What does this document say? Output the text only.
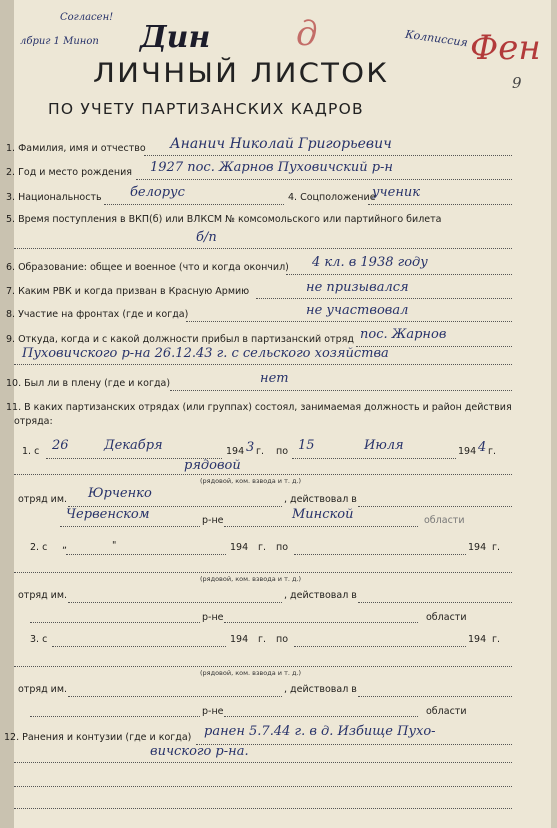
Согласен!
лбриг 1 Миноп Дин	д	Колписсия Фен
9
ЛИЧНЫЙ ЛИСТОК
ПО УЧЕТУ ПАРТИЗАНСКИХ КАДРОВ
1. Фамилия, имя и отчество Ананич Николай Григорьевич
2. Год и место рождения 1927 пос. Жарнов Пуховичский р-н
3. Национальность белорус	4. Соцположение
ученик
5. Время поступления в ВКП(б) или ВЛКСМ № комсомольского или партийного билета
б/п
6. Образование: общее и военное (что и когда окончил) 4 кл. в 1938 году
7. Каким РВК и когда призван в Красную Армию	не призывался
8. Участие на фронтах (где и когда)	не участвовал
9. Откуда, когда и с какой должности прибыл в партизанский отряд пос. Жарнов
Пуховичского р-на 26.12.43 г. с сельского хозяйства
10. Был ли в плену (где и когда)	нет
11. В каких партизанских отрядах (или группах) состоял, занимаемая должность и район действия
отряда:
1. с 26	Декабря	194 3 г. по 15	Июля	194 4 г.
рядовой
(рядовой, ком. взвода и т. д.)
отряд им. Юрченко	, действовал в
Червенском	р-не	Минской	области
2. с „	"	194 г. по	194 г.
(рядовой, ком. взвода и т. д.)
отряд им.	, действовал в
р-не	области
3. с	194 г. по	194 г.
(рядовой, ком. взвода и т. д.)
отряд им.	, действовал в
р-не	области
12. Ранения и контузии (где и когда) ранен 5.7.44 г. в д. Избище Пухо-
вичского р-на.
